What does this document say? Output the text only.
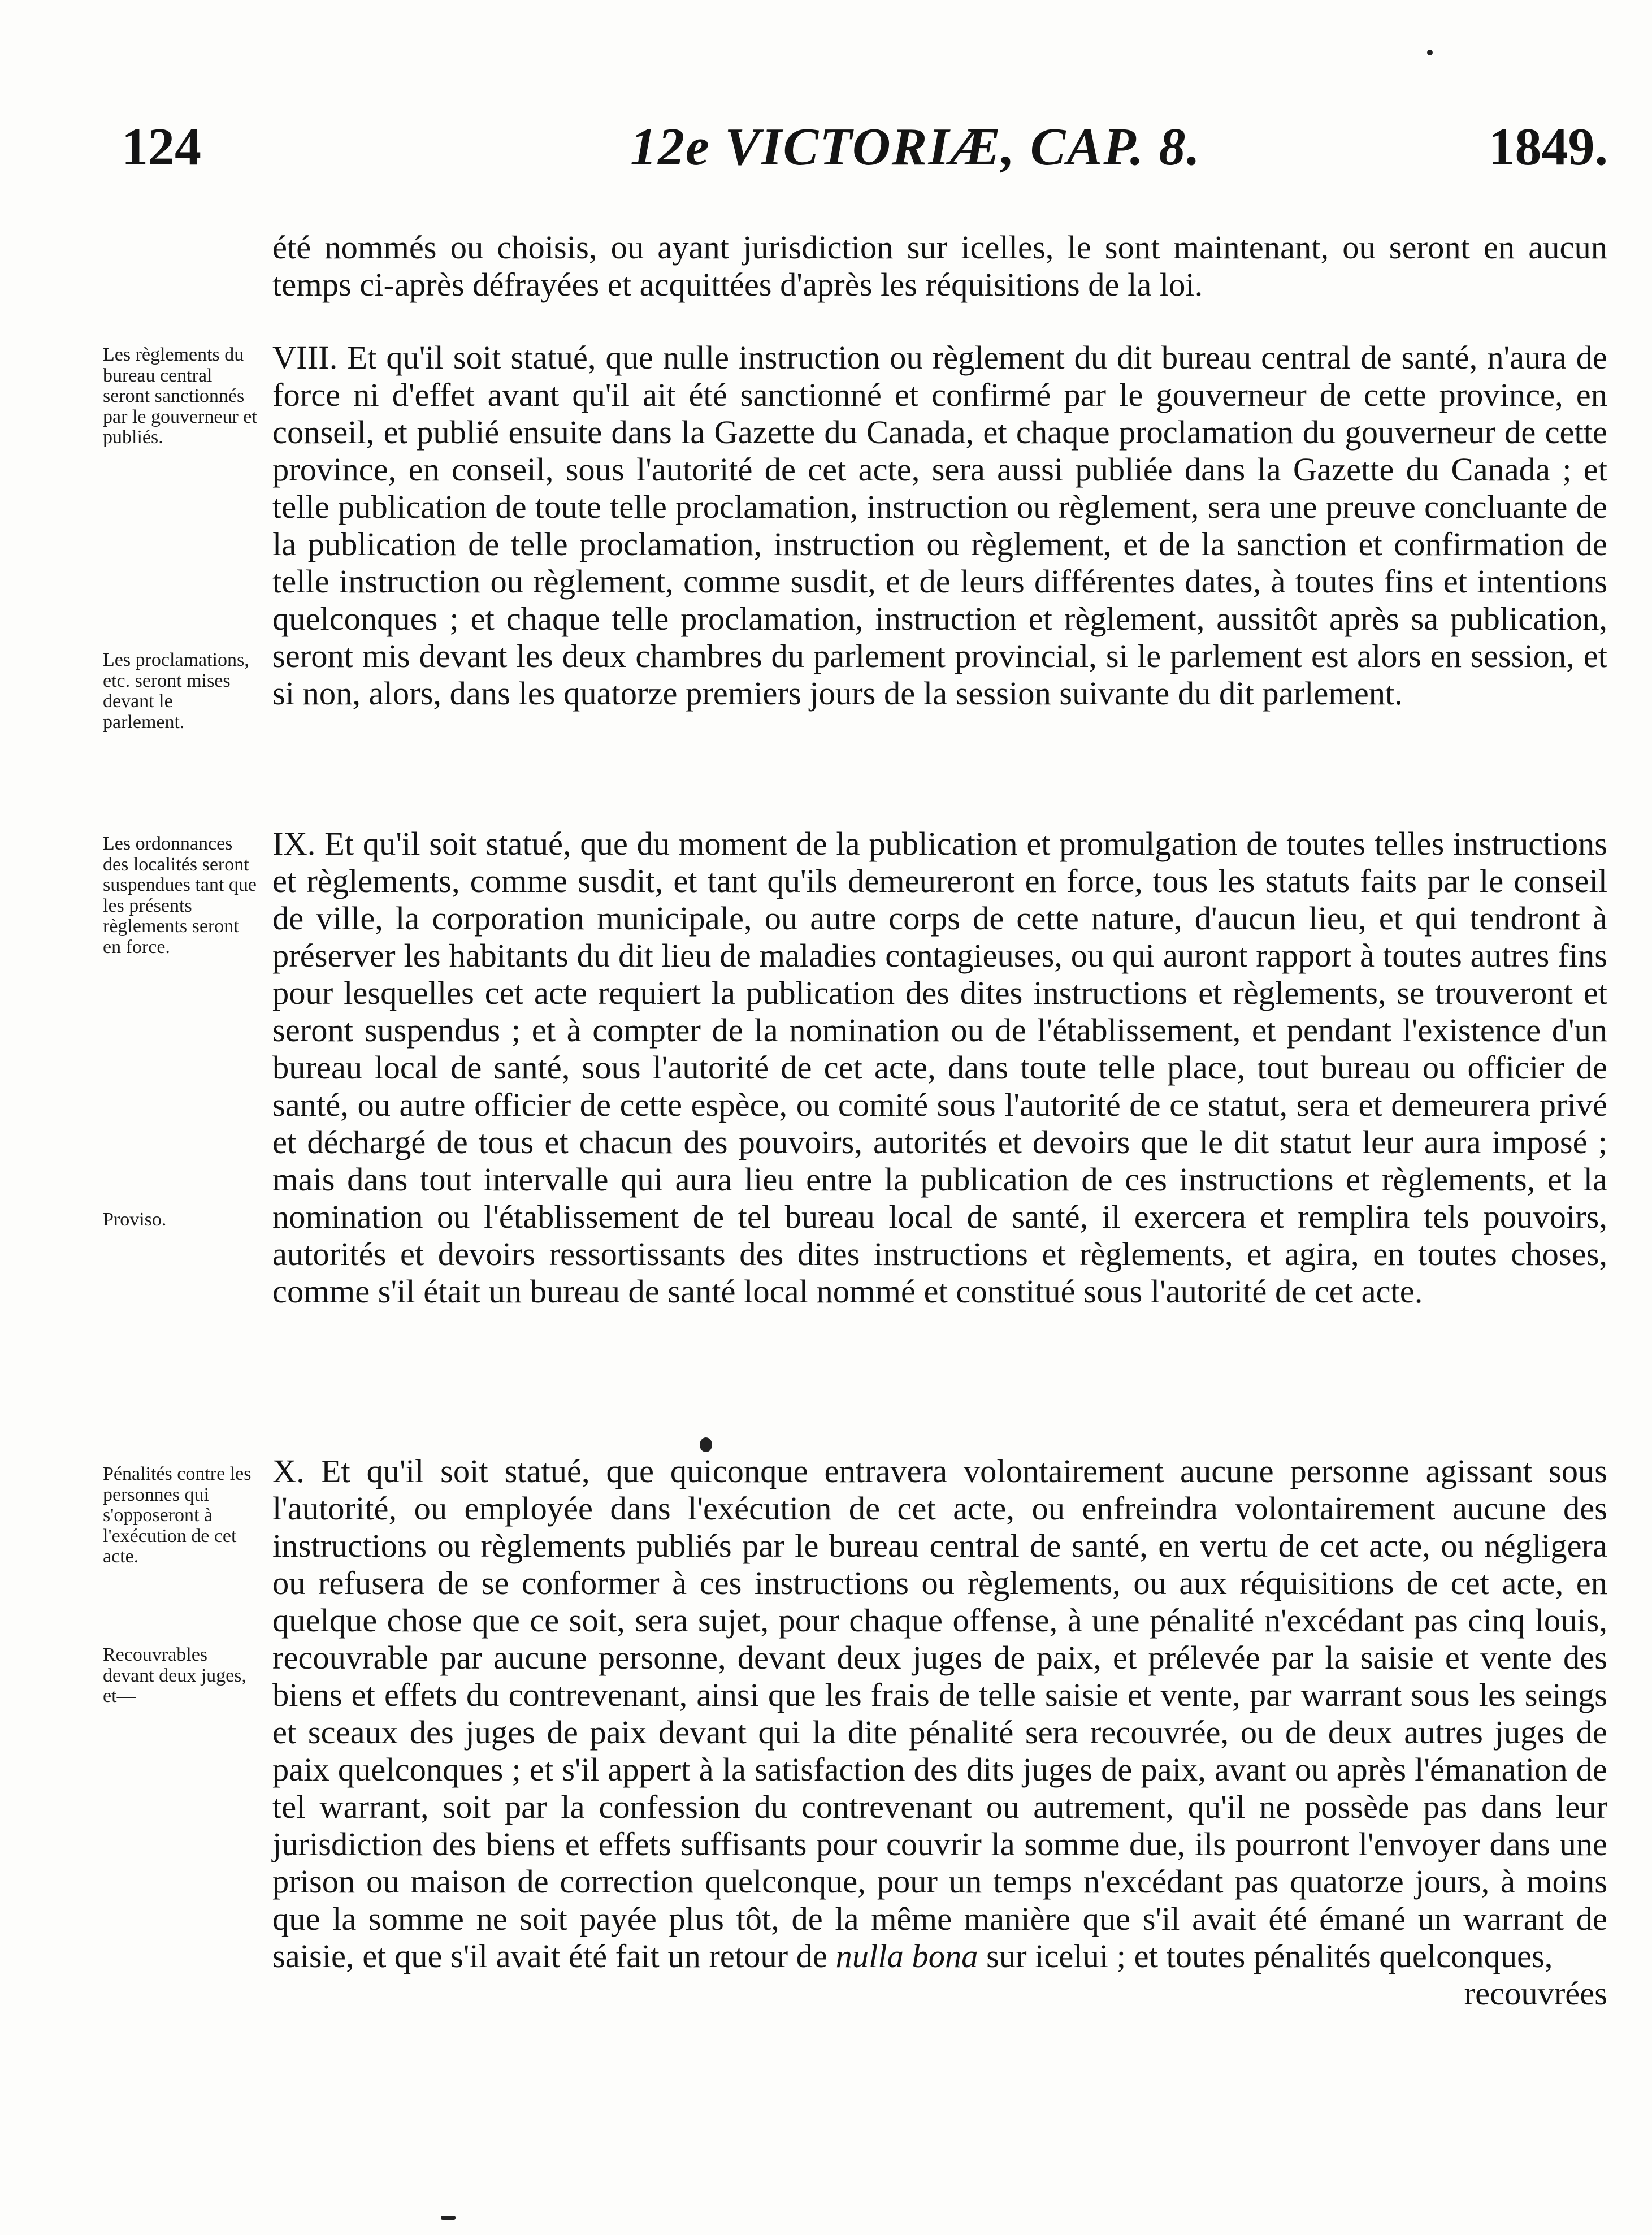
124	12e VICTORIÆ, CAP. 8.	1849.

été nommés ou choisis, ou ayant jurisdiction sur icelles, le sont maintenant, ou seront en aucun temps ci-après défrayées et acquittées d'après les réquisitions de la loi.

VIII. Et qu'il soit statué, que nulle instruction ou règlement du dit bureau central de santé, n'aura de force ni d'effet avant qu'il ait été sanctionné et confirmé par le gouverneur de cette province, en conseil, et publié ensuite dans la Gazette du Canada, et chaque proclamation du gouverneur de cette province, en conseil, sous l'autorité de cet acte, sera aussi publiée dans la Gazette du Canada ; et telle publication de toute telle proclamation, instruction ou règlement, sera une preuve concluante de la publication de telle proclamation, instruction ou règlement, et de la sanction et confirmation de telle instruction ou règlement, comme susdit, et de leurs différentes dates, à toutes fins et intentions quelconques ; et chaque telle proclamation, instruction et règlement, aussitôt après sa publication, seront mis devant les deux chambres du parlement provincial, si le parlement est alors en session, et si non, alors, dans les quatorze premiers jours de la session suivante du dit parlement.

IX. Et qu'il soit statué, que du moment de la publication et promulgation de toutes telles instructions et règlements, comme susdit, et tant qu'ils demeureront en force, tous les statuts faits par le conseil de ville, la corporation municipale, ou autre corps de cette nature, d'aucun lieu, et qui tendront à préserver les habitants du dit lieu de maladies contagieuses, ou qui auront rapport à toutes autres fins pour lesquelles cet acte requiert la publication des dites instructions et règlements, se trouveront et seront suspendus ; et à compter de la nomination ou de l'établissement, et pendant l'existence d'un bureau local de santé, sous l'autorité de cet acte, dans toute telle place, tout bureau ou officier de santé, ou autre officier de cette espèce, ou comité sous l'autorité de ce statut, sera et demeurera privé et déchargé de tous et chacun des pouvoirs, autorités et devoirs que le dit statut leur aura imposé ; mais dans tout intervalle qui aura lieu entre la publication de ces instructions et règlements, et la nomination ou l'établissement de tel bureau local de santé, il exercera et remplira tels pouvoirs, autorités et devoirs ressortissants des dites instructions et règlements, et agira, en toutes choses, comme s'il était un bureau de santé local nommé et constitué sous l'autorité de cet acte.

X. Et qu'il soit statué, que quiconque entravera volontairement aucune personne agissant sous l'autorité, ou employée dans l'exécution de cet acte, ou enfreindra volontairement aucune des instructions ou règlements publiés par le bureau central de santé, en vertu de cet acte, ou négligera ou refusera de se conformer à ces instructions ou règlements, ou aux réquisitions de cet acte, en quelque chose que ce soit, sera sujet, pour chaque offense, à une pénalité n'excédant pas cinq louis, recouvrable par aucune personne, devant deux juges de paix, et prélevée par la saisie et vente des biens et effets du contrevenant, ainsi que les frais de telle saisie et vente, par warrant sous les seings et sceaux des juges de paix devant qui la dite pénalité sera recouvrée, ou de deux autres juges de paix quelconques ; et s'il appert à la satisfaction des dits juges de paix, avant ou après l'émanation de tel warrant, soit par la confession du contrevenant ou autrement, qu'il ne possède pas dans leur jurisdiction des biens et effets suffisants pour couvrir la somme due, ils pourront l'envoyer dans une prison ou maison de correction quelconque, pour un temps n'excédant pas quatorze jours, à moins que la somme ne soit payée plus tôt, de la même manière que s'il avait été émané un warrant de saisie, et que s'il avait été fait un retour de nulla bona sur icelui ; et toutes pénalités quelconques,

recouvrées

Les règlements du bureau central seront sanctionnés par le gouverneur et publiés.
Les proclamations, etc. seront mises devant le parlement.
Les ordonnances des localités seront suspendues tant que les présents règlements seront en force.
Proviso.
Pénalités contre les personnes qui s'opposeront à l'exécution de cet acte.
Recouvrables devant deux juges, et—
